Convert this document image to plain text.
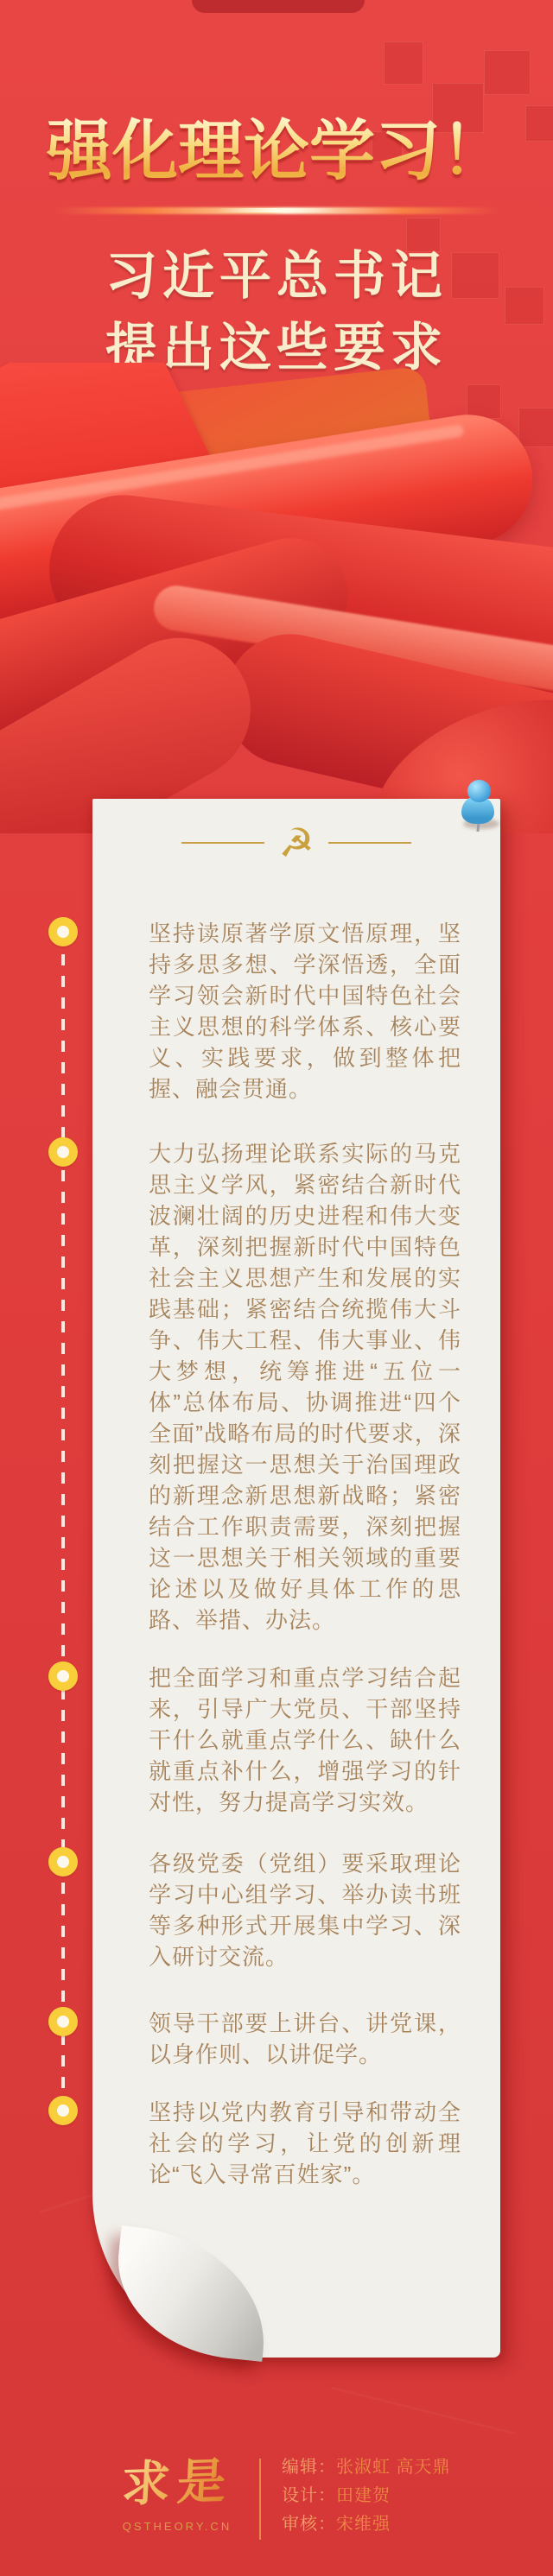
强化理论学习！
习近平总书记
提出这些要求
☭
坚持读原著学原文悟原理，坚持多思多想、学深悟透，全面学习领会新时代中国特色社会主义思想的科学体系、核心要义、实践要求，做到整体把握、融会贯通。
大力弘扬理论联系实际的马克思主义学风，紧密结合新时代波澜壮阔的历史进程和伟大变革，深刻把握新时代中国特色社会主义思想产生和发展的实践基础；紧密结合统揽伟大斗争、伟大工程、伟大事业、伟大梦想，统筹推进“五位一体”总体布局、协调推进“四个全面”战略布局的时代要求，深刻把握这一思想关于治国理政的新理念新思想新战略；紧密结合工作职责需要，深刻把握这一思想关于相关领域的重要论述以及做好具体工作的思路、举措、办法。
把全面学习和重点学习结合起来，引导广大党员、干部坚持干什么就重点学什么、缺什么就重点补什么，增强学习的针对性，努力提高学习实效。
各级党委（党组）要采取理论学习中心组学习、举办读书班等多种形式开展集中学习、深入研讨交流。
领导干部要上讲台、讲党课，以身作则、以讲促学。
坚持以党内教育引导和带动全社会的学习，让党的创新理论“飞入寻常百姓家”。
求是
QSTHEORY.CN
编辑：张淑虹 高天鼎
设计：田建贺
审核：宋维强
